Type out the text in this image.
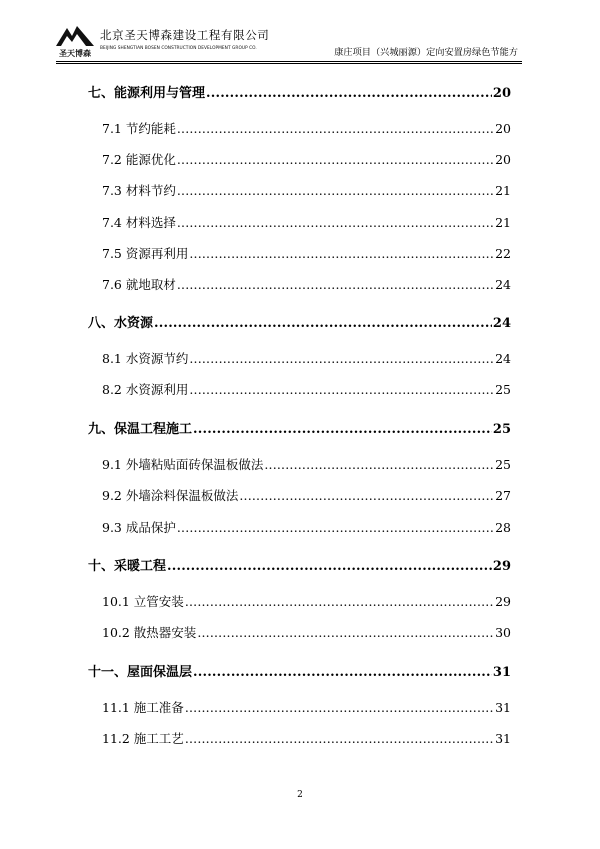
圣天博森
北京圣天博森建设工程有限公司
BEIJING SHENGTIAN BOSEN CONSTRUCTION DEVELOPMENT GROUP CO.	康庄项目（兴城丽源）定向安置房绿色节能方
七、能源利用与管理 .....	20
7.1 节约能耗 .....	20
7.2 能源优化 .....	20
7.3 材料节约 .....	21
7.4 材料选择 .....	21
7.5 资源再利用 .....	22
7.6 就地取材 .....	24
八、水资源 .....	24
8.1 水资源节约 .....	24
8.2 水资源利用 .....	25
九、保温工程施工 .....	25
9.1 外墙粘贴面砖保温板做法 .....	25
9.2 外墙涂料保温板做法 .....	27
9.3 成品保护 .....	28
十、采暖工程 .....	29
10.1 立管安装 .....	29
10.2 散热器安装 .....	30
十一、屋面保温层 .....	31
11.1 施工准备 .....	31
11.2 施工工艺 .....	31
2
